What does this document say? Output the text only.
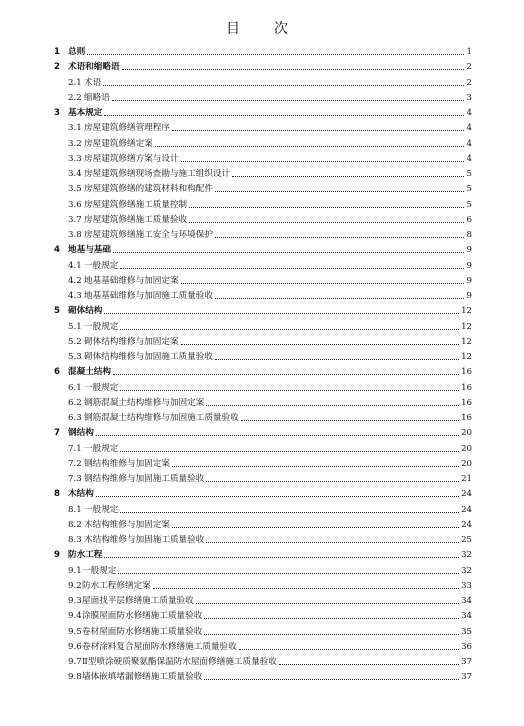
目　次
1 总则	1
2 术语和缩略语	2
2.1 术语	2
2.2 缩略语	3
3 基本规定	4
3.1 房屋建筑修缮管理程序	4
3.2 房屋建筑修缮定案	4
3.3 房屋建筑修缮方案与设计	4
3.4 房屋建筑修缮现场查勘与施工组织设计	5
3.5 房屋建筑修缮的建筑材料和构配件	5
3.6 房屋建筑修缮施工质量控制	5
3.7 房屋建筑修缮施工质量验收	6
3.8 房屋建筑修缮施工安全与环境保护	8
4 地基与基础	9
4.1 一般规定	9
4.2 地基基础维修与加固定案	9
4.3 地基基础维修与加固施工质量验收	9
5 砌体结构	12
5.1 一般规定	12
5.2 砌体结构维修与加固定案	12
5.3 砌体结构维修与加固施工质量验收	12
6 混凝土结构	16
6.1 一般规定	16
6.2 钢筋混凝土结构维修与加固定案	16
6.3 钢筋混凝土结构维修与加固施工质量验收	16
7 钢结构	20
7.1 一般规定	20
7.2 钢结构维修与加固定案	20
7.3 钢结构维修与加固施工质量验收	21
8 木结构	24
8.1 一般规定	24
8.2 木结构维修与加固定案	24
8.3 木结构维修与加固施工质量验收	25
9 防水工程	32
9.1 一般规定	32
9.2 防水工程修缮定案	33
9.3 屋面找平层修缮施工质量验收	34
9.4 涂膜屋面防水修缮施工质量验收	34
9.5 卷材屋面防水修缮施工质量验收	35
9.6 卷材涂料复合屋面防水修缮施工质量验收	36
9.7 Ⅱ型喷涂硬质聚氨酯保温防水屋面修缮施工质量验收	37
9.8 墙体嵌填堵漏修缮施工质量验收	37
